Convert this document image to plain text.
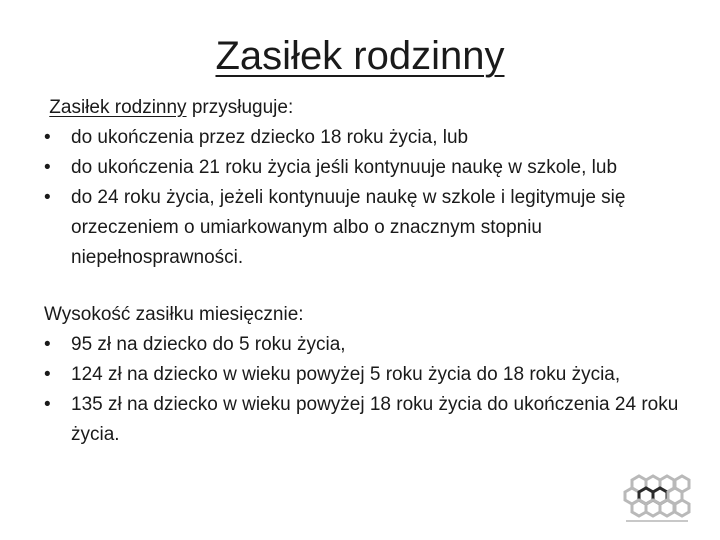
Zasiłek rodzinny
Zasiłek rodzinny przysługuje:
•	do ukończenia przez dziecko 18 roku życia, lub
•	do ukończenia 21 roku życia jeśli kontynuuje naukę w szkole, lub
•	do 24 roku życia, jeżeli kontynuuje naukę w szkole i legitymuje się orzeczeniem o umiarkowanym albo o znacznym stopniu niepełnosprawności.
Wysokość zasiłku miesięcznie:
•	95 zł na dziecko do 5 roku życia,
•	124 zł na dziecko w wieku powyżej 5 roku życia do 18 roku życia,
•	135 zł na dziecko w wieku powyżej 18 roku życia do ukończenia 24 roku życia.
